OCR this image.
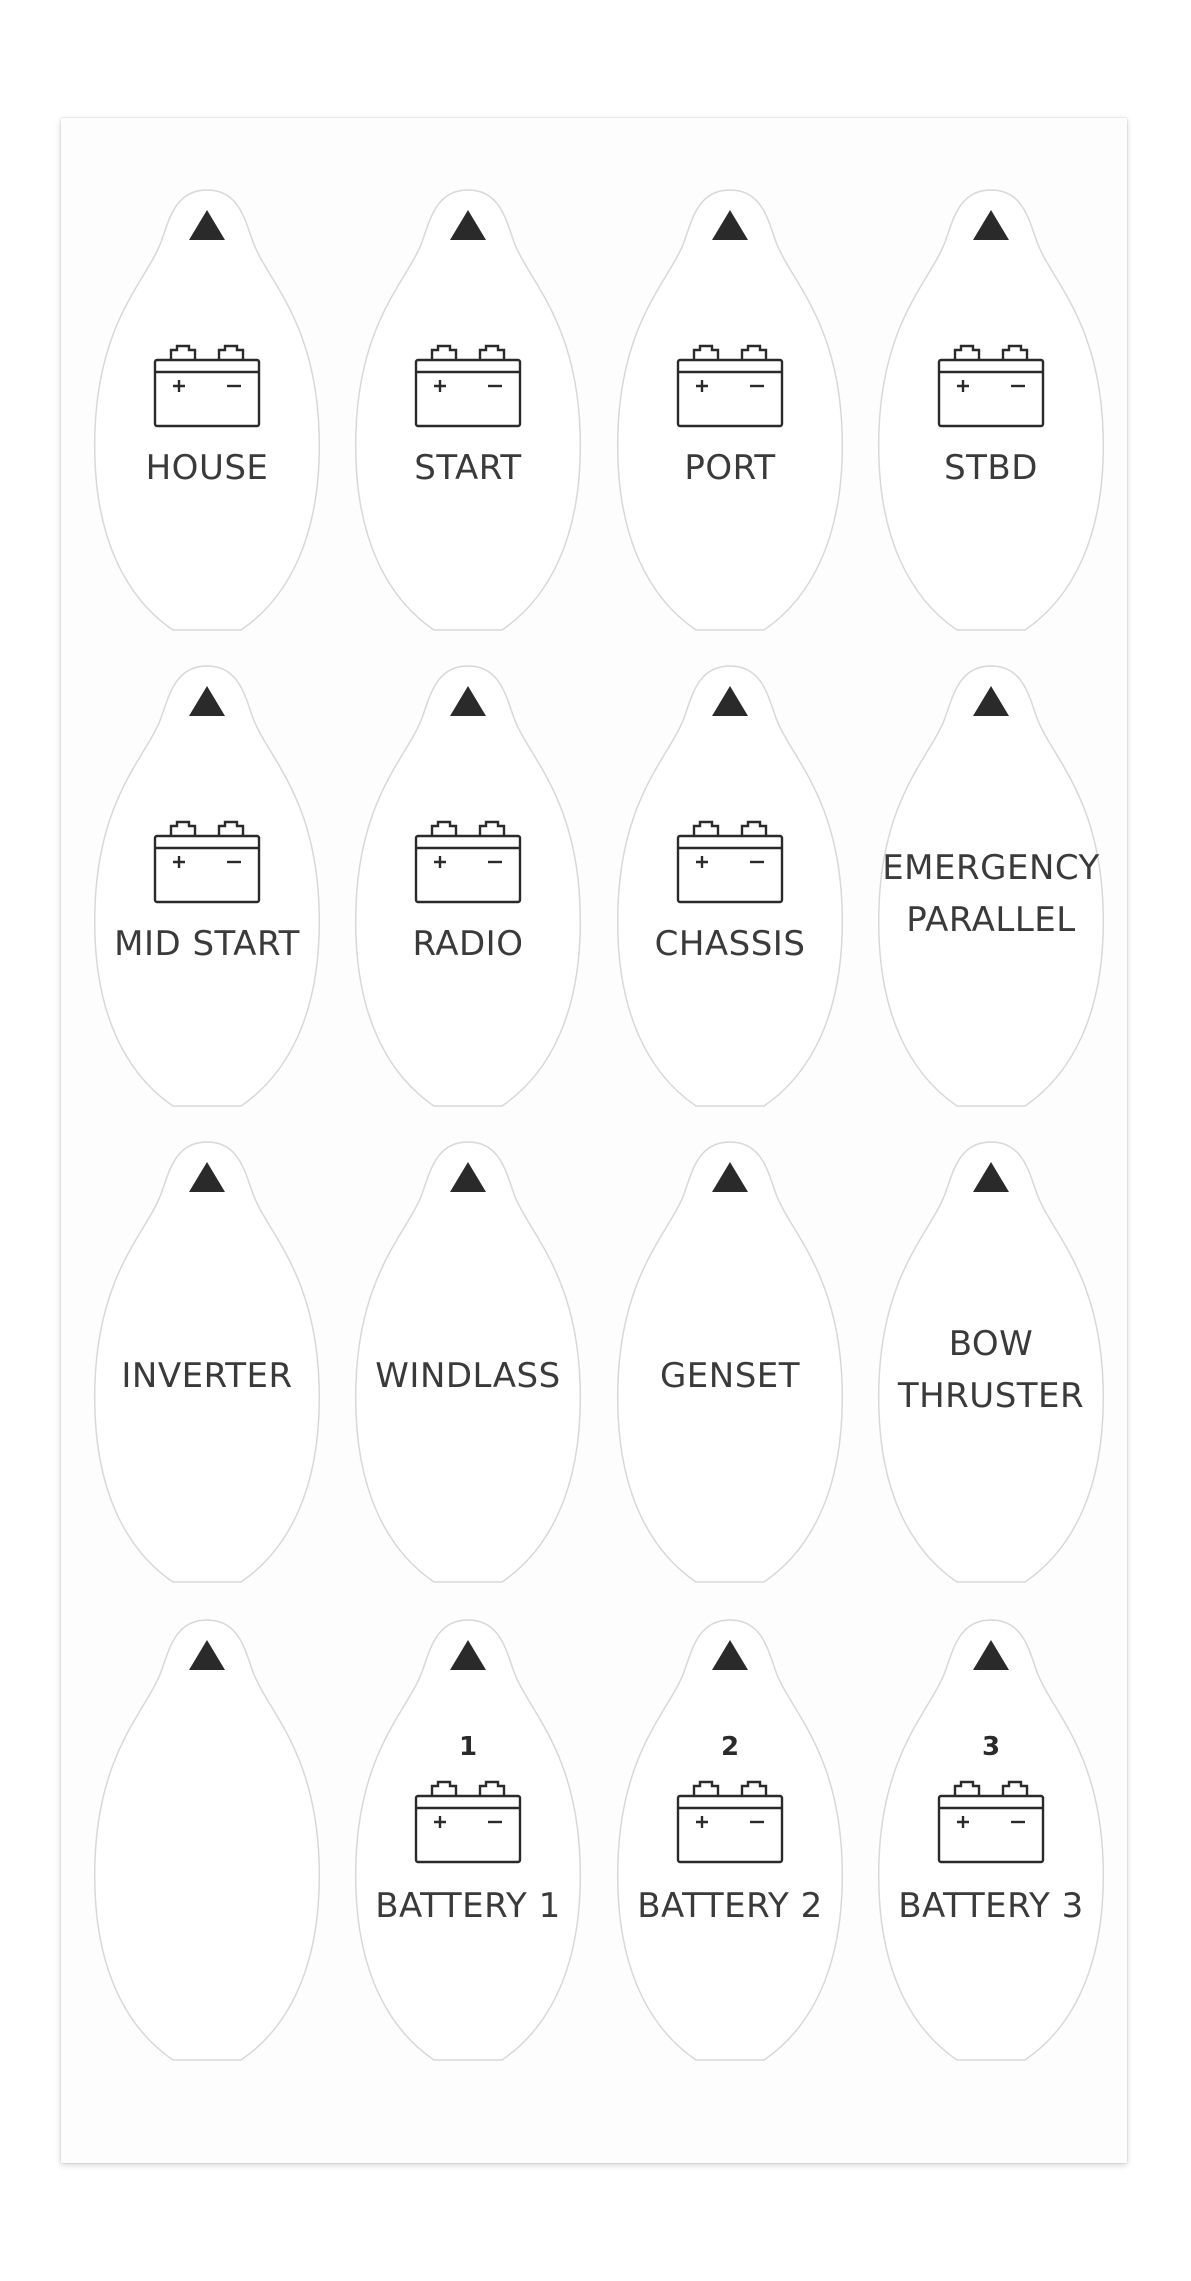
HOUSE	START	PORT	STBD
MID START	RADIO	CHASSIS
EMERGENCY
PARALLEL
INVERTER	WINDLASS	GENSET
BOW
THRUSTER
1
BATTERY 1
2
BATTERY 2
3
BATTERY 3
